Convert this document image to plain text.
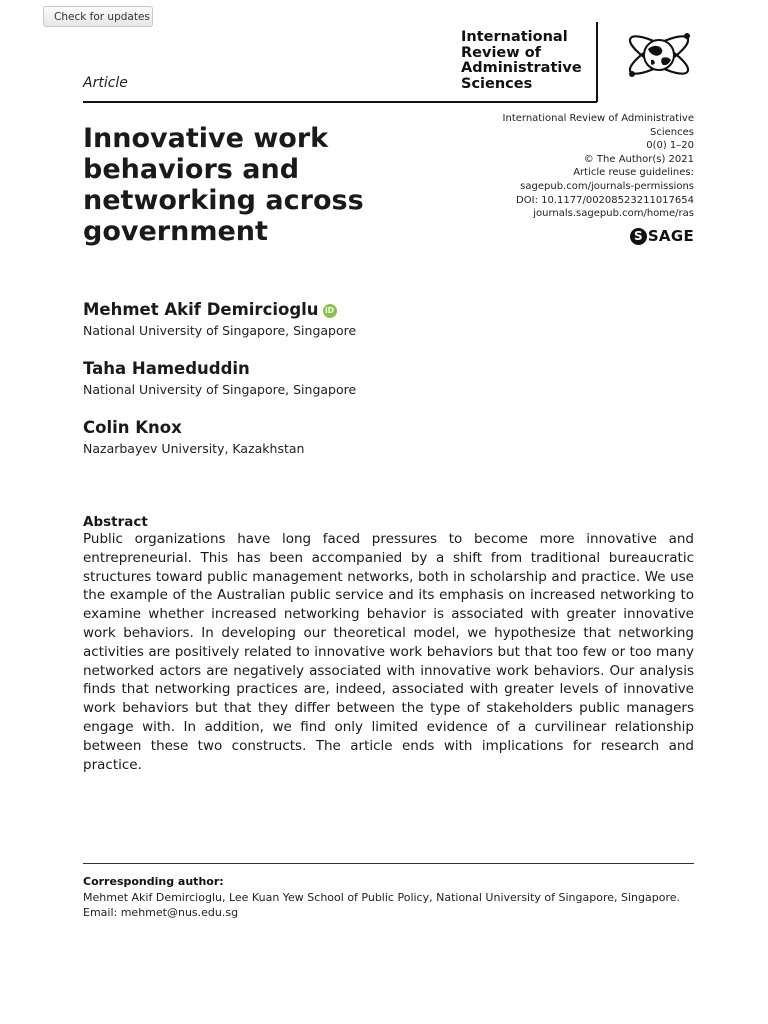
Check for updates
International
Review of
Administrative
Sciences
Article
Innovative work behaviors and networking across government
International Review of Administrative
Sciences
0(0) 1–20
© The Author(s) 2021
Article reuse guidelines:
sagepub.com/journals-permissions
DOI: 10.1177/00208523211017654
journals.sagepub.com/home/ras
S SAGE
Mehmet Akif Demircioglu iD
National University of Singapore, Singapore
Taha Hameduddin
National University of Singapore, Singapore
Colin Knox
Nazarbayev University, Kazakhstan
Abstract
Public organizations have long faced pressures to become more innovative and entrepreneurial. This has been accompanied by a shift from traditional bureaucratic structures toward public management networks, both in scholarship and practice. We use the example of the Australian public service and its emphasis on increased networking to examine whether increased networking behavior is associated with greater innovative work behaviors. In developing our theoretical model, we hypothesize that networking activities are positively related to innovative work behaviors but that too few or too many networked actors are negatively associated with innovative work behaviors. Our analysis finds that networking practices are, indeed, associated with greater levels of innovative work behaviors but that they differ between the type of stakeholders public managers engage with. In addition, we find only limited evidence of a curvilinear relationship between these two constructs. The article ends with implications for research and practice.
Corresponding author:
Mehmet Akif Demircioglu, Lee Kuan Yew School of Public Policy, National University of Singapore, Singapore.
Email: mehmet@nus.edu.sg
